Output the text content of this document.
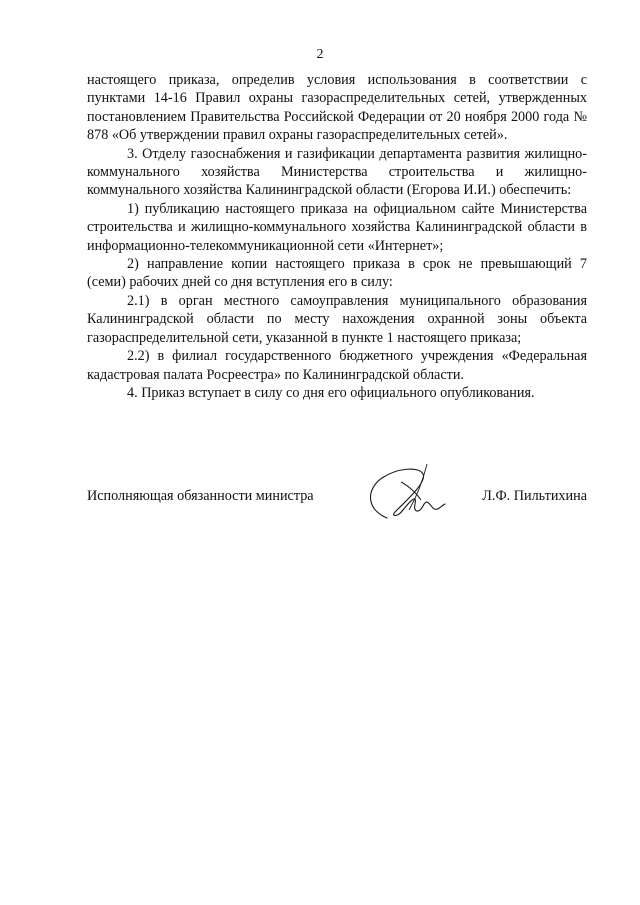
2

настоящего приказа, определив условия использования в соответствии с пунктами 14-16 Правил охраны газораспределительных сетей, утвержденных постановлением Правительства Российской Федерации от 20 ноября 2000 года № 878 «Об утверждении правил охраны газораспределительных сетей».

3. Отделу газоснабжения и газификации департамента развития жилищно-коммунального хозяйства Министерства строительства и жилищно-коммунального хозяйства Калининградской области (Егорова И.И.) обеспечить:

1) публикацию настоящего приказа на официальном сайте Министерства строительства и жилищно-коммунального хозяйства Калининградской области в информационно-телекоммуникационной сети «Интернет»;

2) направление копии настоящего приказа в срок не превышающий 7 (семи) рабочих дней со дня вступления его в силу:

2.1) в орган местного самоуправления муниципального образования Калининградской области по месту нахождения охранной зоны объекта газораспределительной сети, указанной в пункте 1 настоящего приказа;

2.2) в филиал государственного бюджетного учреждения «Федеральная кадастровая палата Росреестра» по Калининградской области.

4. Приказ вступает в силу со дня его официального опубликования.

Исполняющая обязанности министра	Л.Ф. Пильтихина
